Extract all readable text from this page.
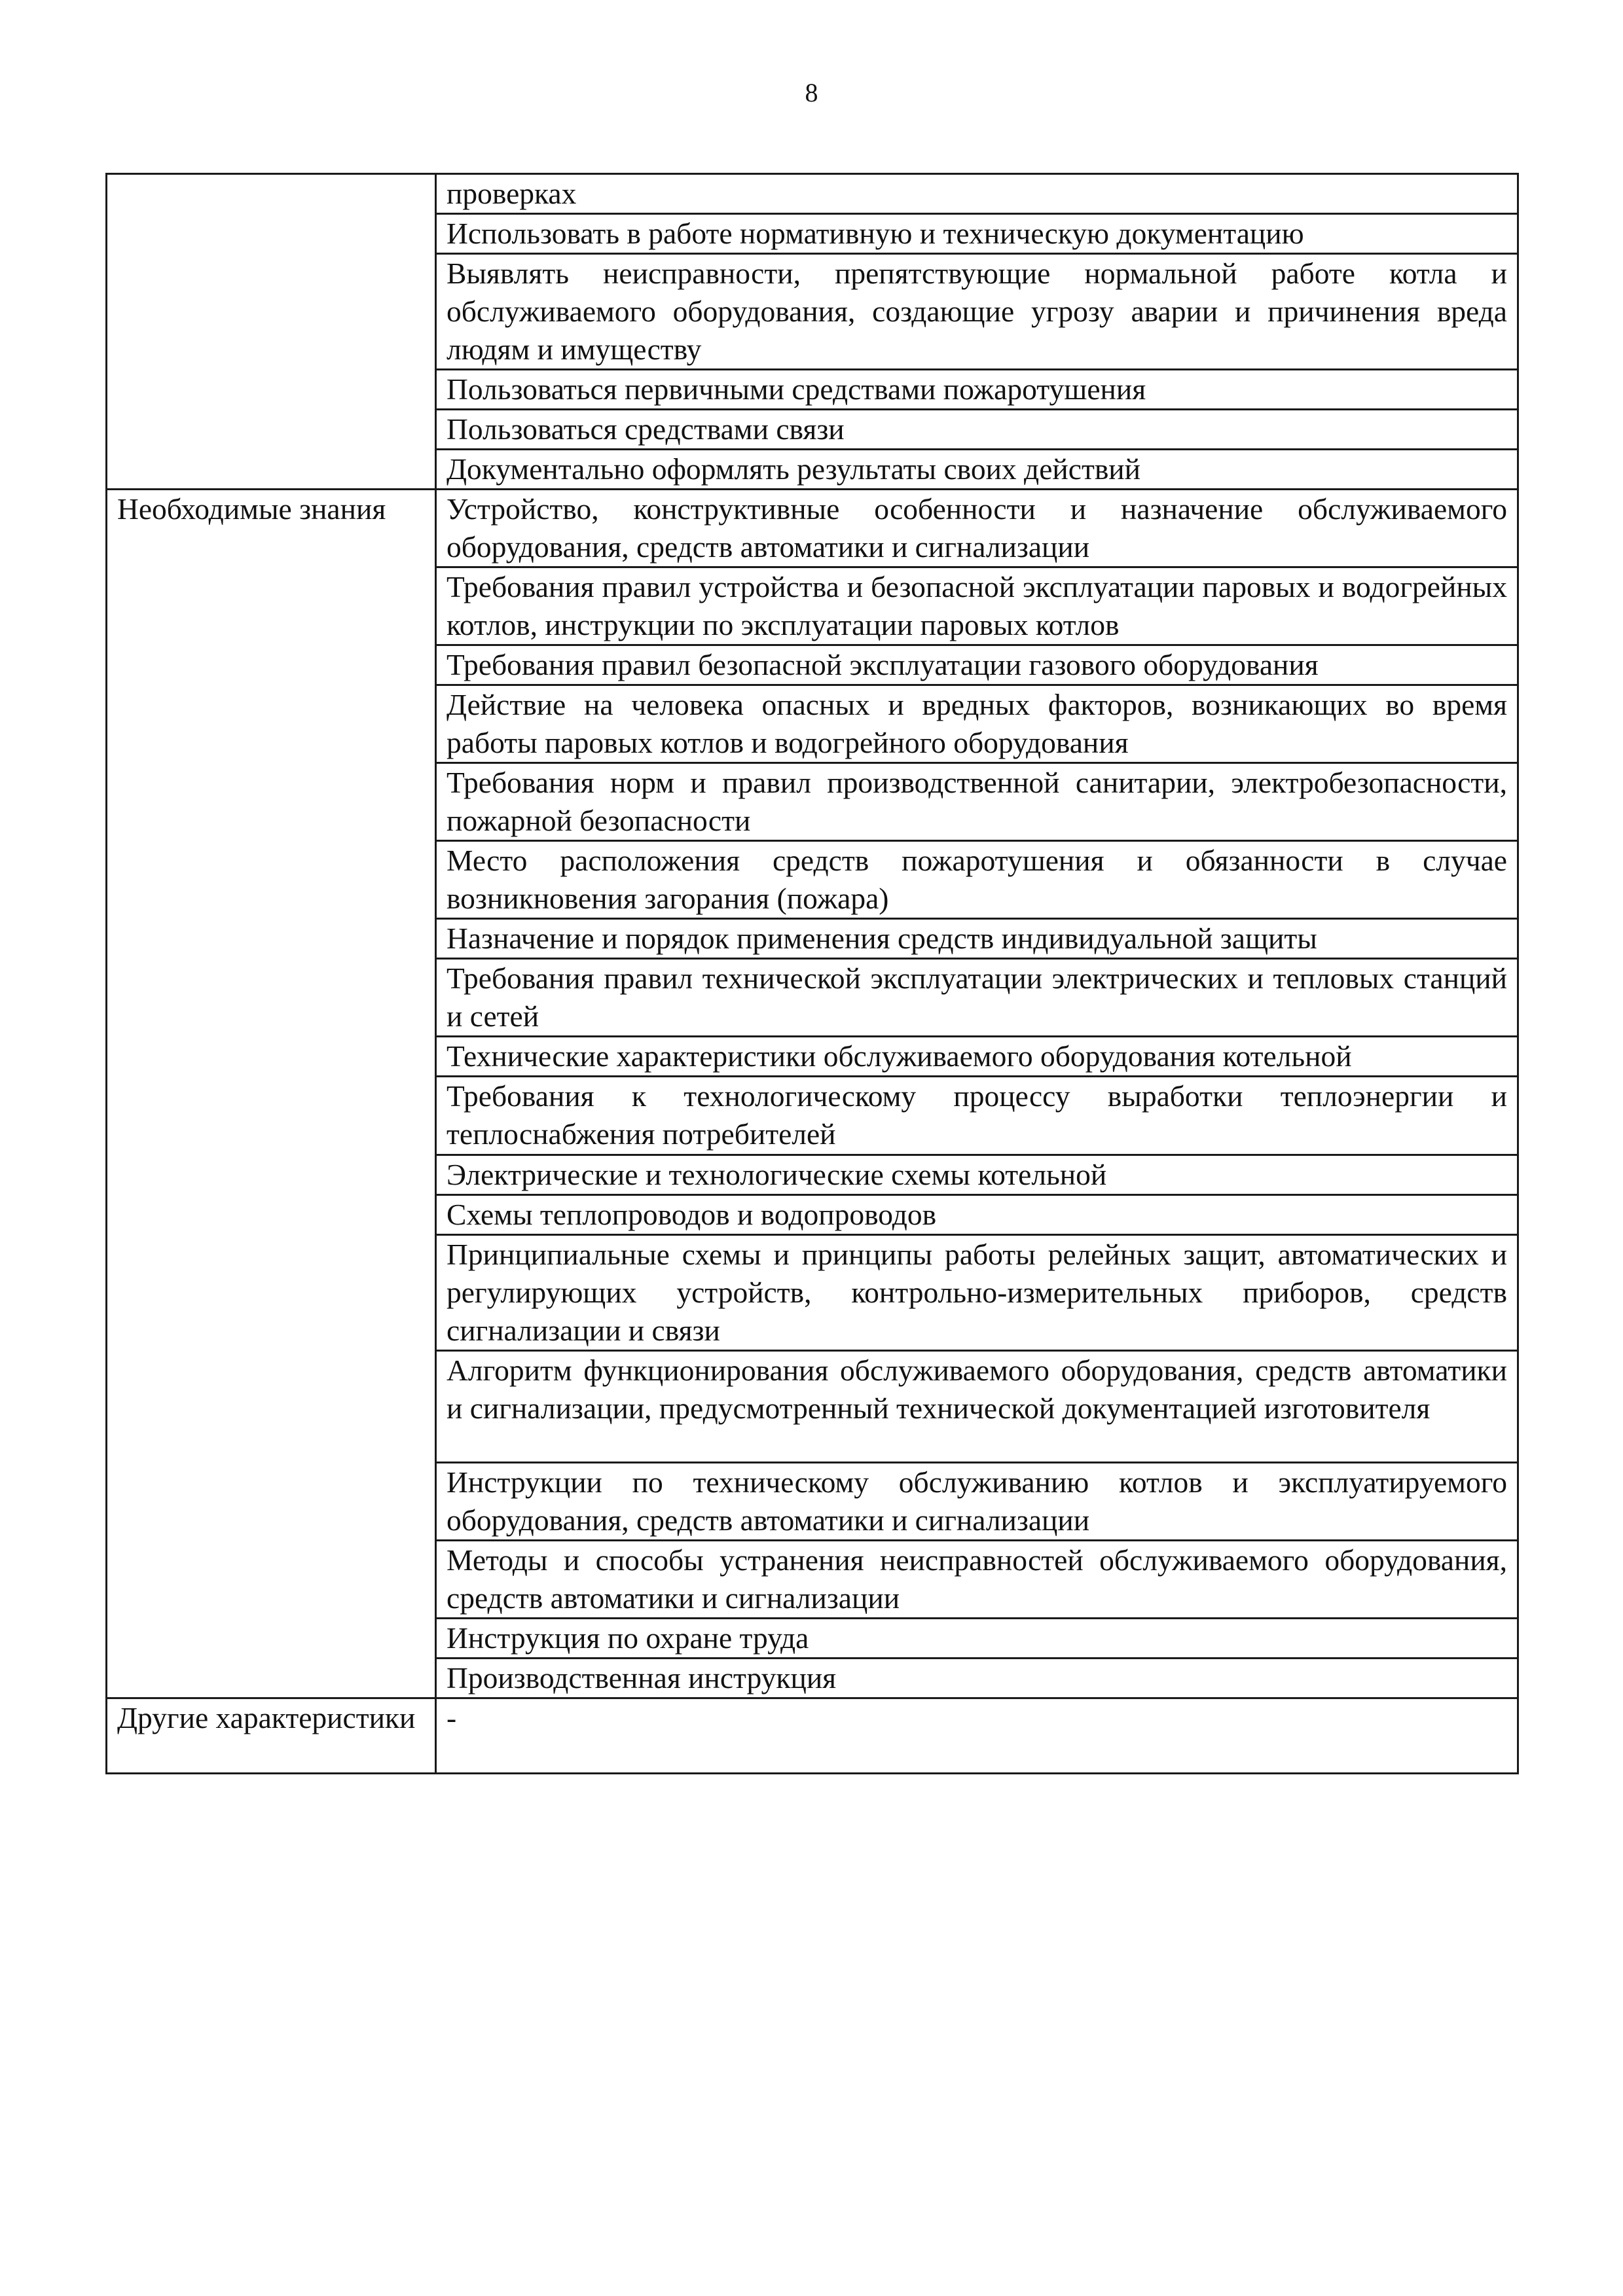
8
	проверках
	Использовать в работе нормативную и техническую документацию
	Выявлять неисправности, препятствующие нормальной работе котла и обслуживаемого оборудования, создающие угрозу аварии и причинения вреда людям и имуществу
	Пользоваться первичными средствами пожаротушения
	Пользоваться средствами связи
	Документально оформлять результаты своих действий
Необходимые знания	Устройство, конструктивные особенности и назначение обслуживаемого оборудования, средств автоматики и сигнализации
	Требования правил устройства и безопасной эксплуатации паровых и водогрейных котлов, инструкции по эксплуатации паровых котлов
	Требования правил безопасной эксплуатации газового оборудования
	Действие на человека опасных и вредных факторов, возникающих во время работы паровых котлов и водогрейного оборудования
	Требования норм и правил производственной санитарии, электробезопасности, пожарной безопасности
	Место расположения средств пожаротушения и обязанности в случае возникновения загорания (пожара)
	Назначение и порядок применения средств индивидуальной защиты
	Требования правил технической эксплуатации электрических и тепловых станций и сетей
	Технические характеристики обслуживаемого оборудования котельной
	Требования к технологическому процессу выработки теплоэнергии и теплоснабжения потребителей
	Электрические и технологические схемы котельной
	Схемы теплопроводов и водопроводов
	Принципиальные схемы и принципы работы релейных защит, автоматических и регулирующих устройств, контрольно-измерительных приборов, средств сигнализации и связи
	Алгоритм функционирования обслуживаемого оборудования, средств автоматики и сигнализации, предусмотренный технической документацией изготовителя
	Инструкции по техническому обслуживанию котлов и эксплуатируемого оборудования, средств автоматики и сигнализации
	Методы и способы устранения неисправностей обслуживаемого оборудования, средств автоматики и сигнализации
	Инструкция по охране труда
	Производственная инструкция
Другие характеристики	-
